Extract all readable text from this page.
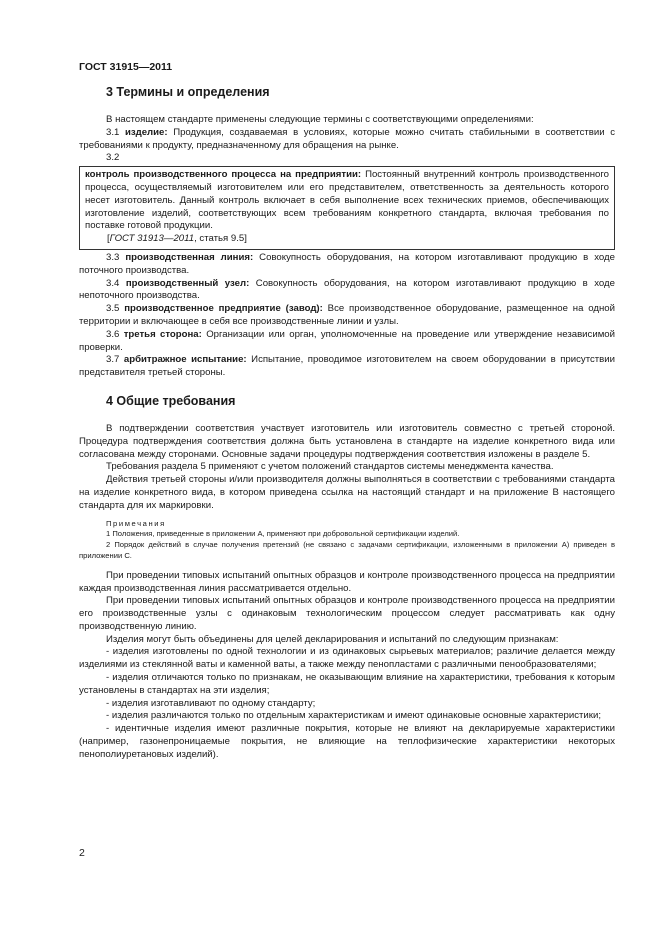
ГОСТ 31915—2011
3 Термины и определения

В настоящем стандарте применены следующие термины с соответствующими определениями:

3.1 изделие: Продукция, создаваемая в условиях, которые можно считать стабильными в соответствии с требованиями к продукту, предназначенному для обращения на рынке.

3.2

контроль производственного процесса на предприятии: Постоянный внутренний контроль производственного процесса, осуществляемый изготовителем или его представителем, ответственность за деятельность которого несет изготовитель. Данный контроль включает в себя выполнение всех технических приемов, обеспечивающих изготовление изделий, соответствующих всем требованиям конкретного стандарта, включая требования по поставке готовой продукции.

[ГОСТ 31913—2011, статья 9.5]

3.3 производственная линия: Совокупность оборудования, на котором изготавливают продукцию в ходе поточного производства.

3.4 производственный узел: Совокупность оборудования, на котором изготавливают продукцию в ходе непоточного производства.

3.5 производственное предприятие (завод): Все производственное оборудование, размещенное на одной территории и включающее в себя все производственные линии и узлы.

3.6 третья сторона: Организации или орган, уполномоченные на проведение или утверждение независимой проверки.

3.7 арбитражное испытание: Испытание, проводимое изготовителем на своем оборудовании в присутствии представителя третьей стороны.

4 Общие требования

В подтверждении соответствия участвует изготовитель или изготовитель совместно с третьей стороной. Процедура подтверждения соответствия должна быть установлена в стандарте на изделие конкретного вида или согласована между сторонами. Основные задачи процедуры подтверждения соответствия изложены в разделе 5.

Требования раздела 5 применяют с учетом положений стандартов системы менеджмента качества.

Действия третьей стороны и/или производителя должны выполняться в соответствии с требованиями стандарта на изделие конкретного вида, в котором приведена ссылка на настоящий стандарт и на приложение В настоящего стандарта для их маркировки.

Примечания

1 Положения, приведенные в приложении А, применяют при добровольной сертификации изделий.

2 Порядок действий в случае получения претензий (не связано с задачами сертификации, изложенными в приложении А) приведен в приложении С.

При проведении типовых испытаний опытных образцов и контроле производственного процесса на предприятии каждая производственная линия рассматривается отдельно.

При проведении типовых испытаний опытных образцов и контроле производственного процесса на предприятии его производственные узлы с одинаковым технологическим процессом следует рассматривать как одну производственную линию.

Изделия могут быть объединены для целей декларирования и испытаний по следующим признакам:

- изделия изготовлены по одной технологии и из одинаковых сырьевых материалов; различие делается между изделиями из стеклянной ваты и каменной ваты, а также между пенопластами с различными пенообразователями;

- изделия отличаются только по признакам, не оказывающим влияние на характеристики, требования к которым установлены в стандартах на эти изделия;

- изделия изготавливают по одному стандарту;

- изделия различаются только по отдельным характеристикам и имеют одинаковые основные характеристики;

- идентичные изделия имеют различные покрытия, которые не влияют на декларируемые характеристики (например, газонепроницаемые покрытия, не влияющие на теплофизические характеристики некоторых пенополиуретановых изделий).

2
